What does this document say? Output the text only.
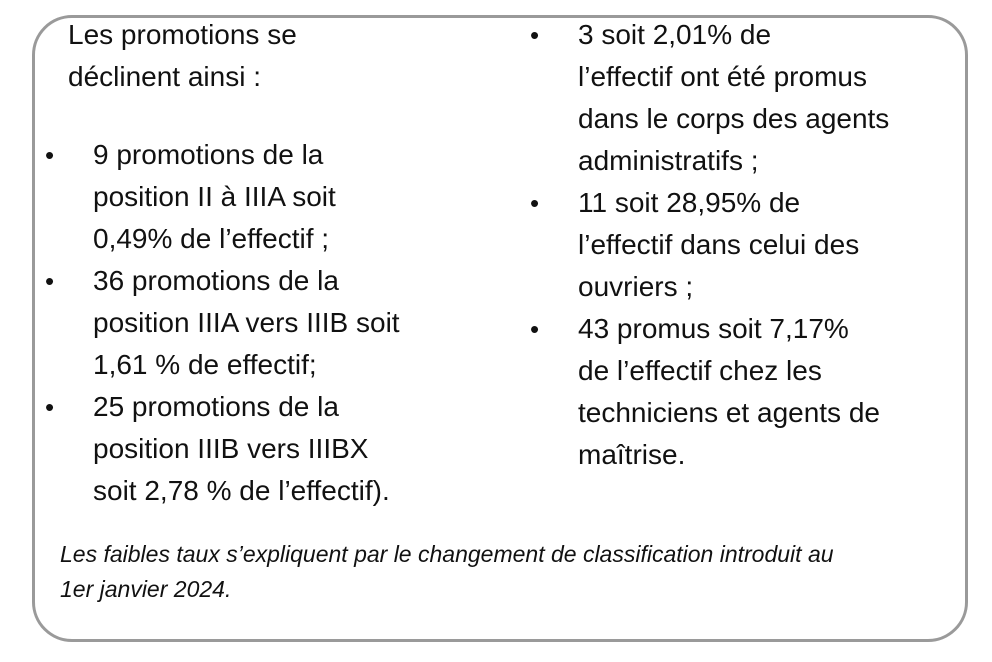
Les promotions se
déclinent ainsi :
• 9 promotions de la
position II à IIIA soit
0,49% de l’effectif ;
• 36 promotions de la
position IIIA vers IIIB soit
1,61 % de effectif;
• 25 promotions de la
position IIIB vers IIIBX
soit 2,78 % de l’effectif).
• 3 soit 2,01% de
l’effectif ont été promus
dans le corps des agents
administratifs ;
• 11 soit 28,95% de
l’effectif dans celui des
ouvriers ;
• 43 promus soit 7,17%
de l’effectif chez les
techniciens et agents de
maîtrise.
Les faibles taux s’expliquent par le changement de classification introduit au
1er janvier 2024.
